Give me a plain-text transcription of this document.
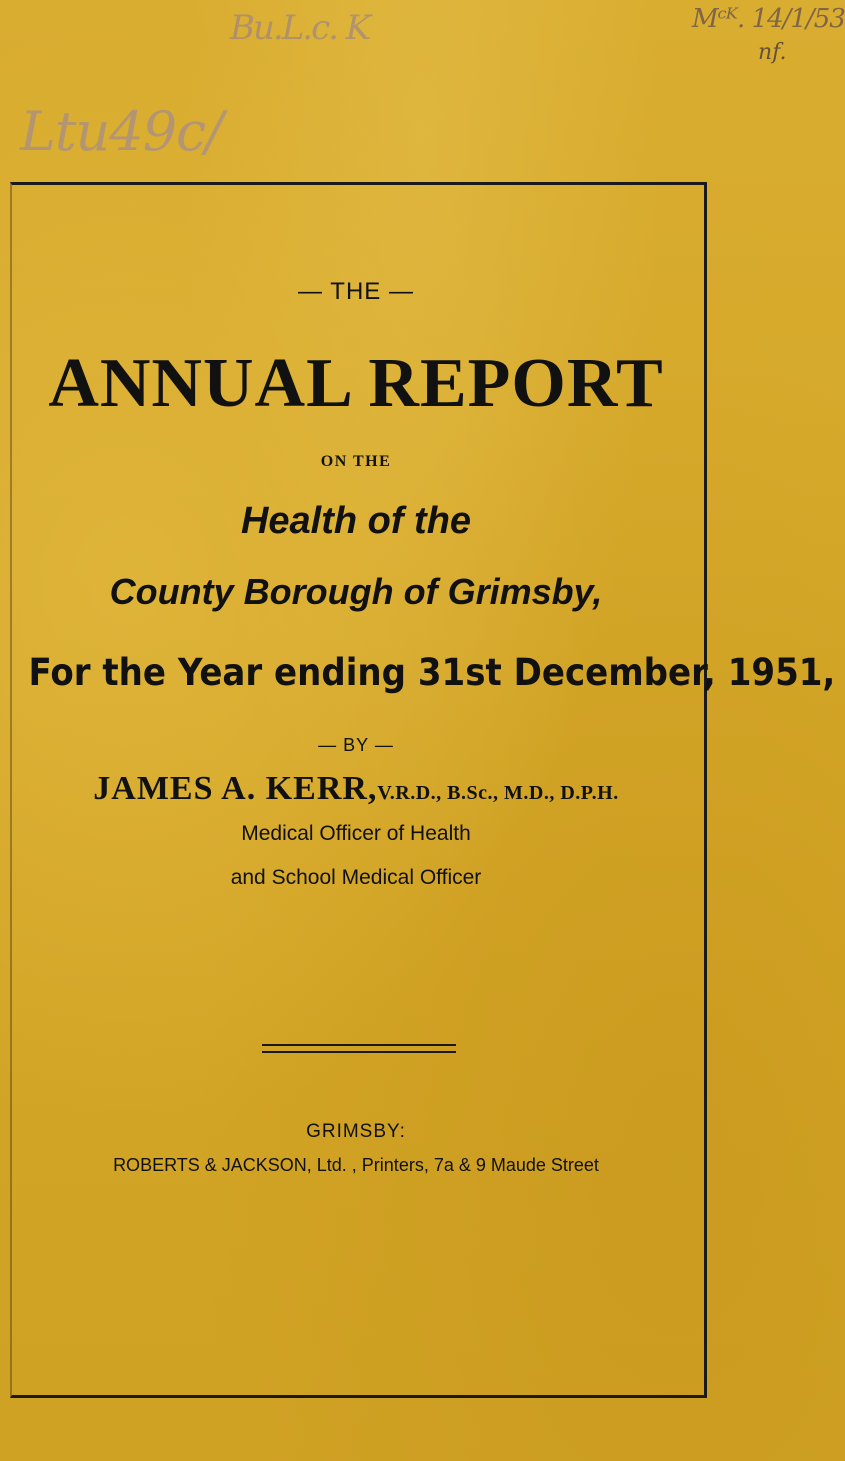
Bu.L.c. K	Mᶜᴷ. 14/1/53
nf.
Ltu49c/
— THE —
ANNUAL REPORT
ON THE
Health of the
County Borough of Grimsby,
For the Year ending 31st December, 1951,
— BY —
JAMES A. KERR,V.R.D., B.Sc., M.D., D.P.H.
Medical Officer of Health
and School Medical Officer
GRIMSBY:
ROBERTS & JACKSON, Ltd. , Printers, 7a & 9 Maude Street
